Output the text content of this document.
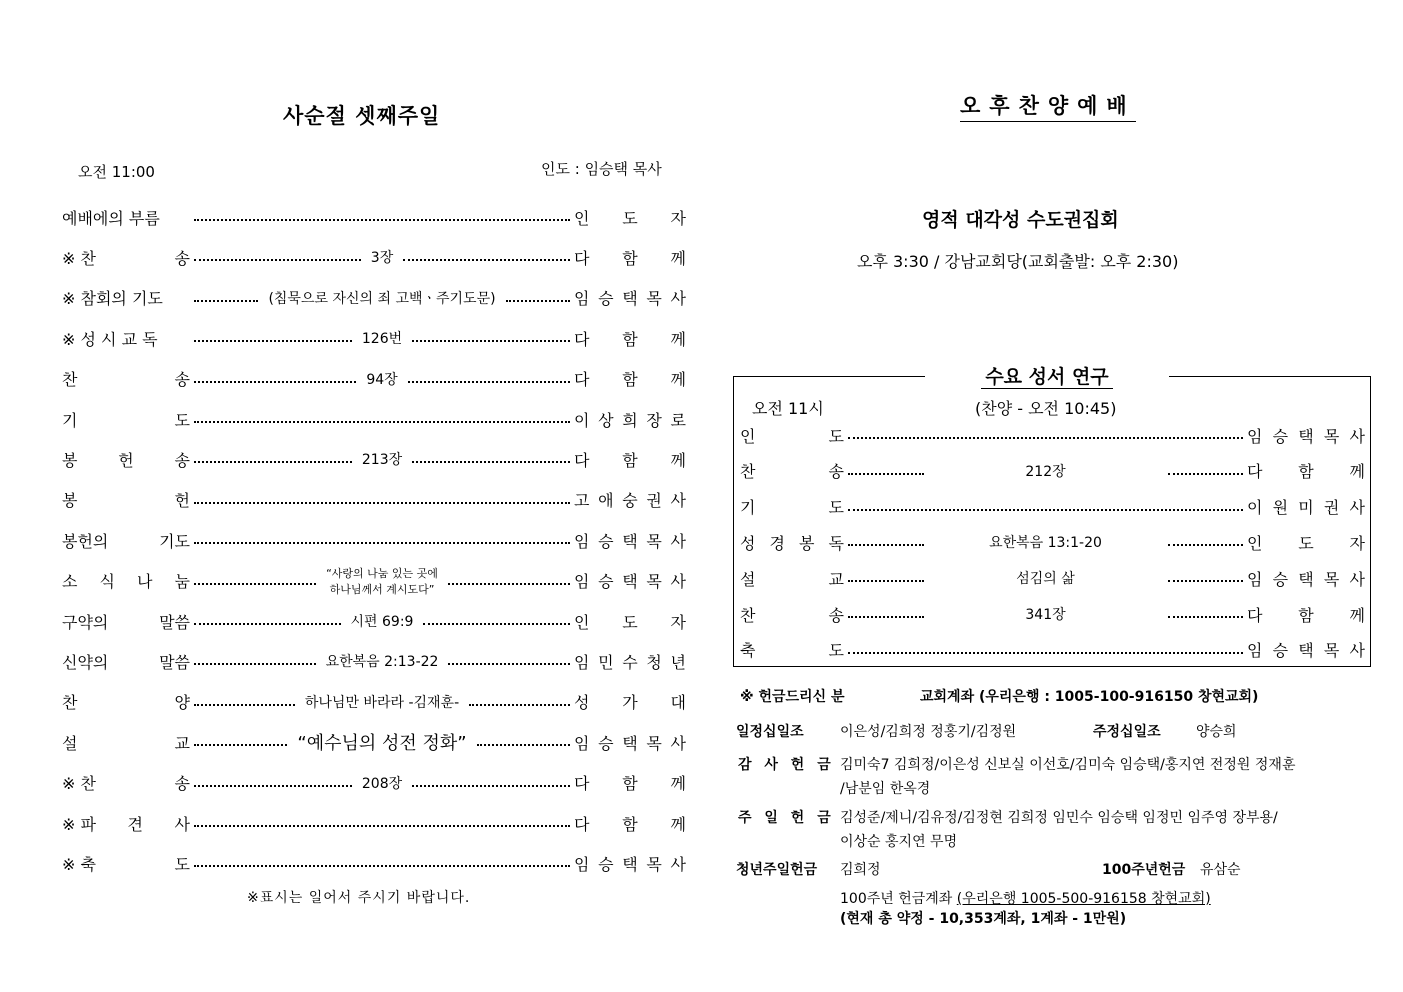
사순절 셋째주일
오전 11:00	인도 : 임승택 목사
예배에의 부름	인 도 자
※ 찬	송	3장	다 함 께
※ 참회의 기도	(침묵으로 자신의 죄 고백ㆍ주기도문)	임 승 택 목 사
※ 성 시 교 독	126번	다 함 께
찬	송	94장	다 함 께
기	도	이 상 희 장 로
봉	헌	송	213장	다 함 께
봉	헌	고 애 숭 권 사
봉헌의	기도	임 승 택 목 사
소 식 나 눔	“사랑의 나눔 있는 곳에
하나님께서 계시도다”	임 승 택 목 사
구약의	말씀	시편 69:9	인 도 자
신약의	말씀	요한복음 2:13-22	임 민 수 청 년
찬	양	하나님만 바라라 -김재훈-	성 가 대
설	교	“예수님의 성전 정화”	임 승 택 목 사
※ 찬	송	208장	다 함 께
※ 파 견 사	다 함 께
※ 축	도	임 승 택 목 사
※표시는 일어서 주시기 바랍니다.
오후찬양예배
영적 대각성 수도권집회
오후 3:30 / 강남교회당(교회출발: 오후 2:30)
수요 성서 연구
오전 11시	(찬양 - 오전 10:45)
인	도	임 승 택 목 사
찬	송	212장	다 함 께
기	도	이 원 미 권 사
성 경 봉 독	요한복음 13:1-20	인 도 자
설	교	섬김의 삶	임 승 택 목 사
찬	송	341장	다 함 께
축	도	임 승 택 목 사
※ 헌금드리신 분	교회계좌 (우리은행 : 1005-100-916150 창현교회)
일정십일조	이은성/김희정 정홍기/김정원	주정십일조	양승희
감 사 헌 금 김미숙7 김희정/이은성 신보실 이선호/김미숙 임승택/홍지연 전정원 정재훈
/남분임 한옥경
주 일 헌 금 김성준/제니/김유정/김정현 김희정 임민수 임승택 임정민 임주영 장부용/
이상순 홍지연 무명
청년주일헌금 김희정	100주년헌금 유삼순
100주년 헌금계좌 (우리은행 1005-500-916158 창현교회)
(현재 총 약정 - 10,353계좌, 1계좌 - 1만원)
